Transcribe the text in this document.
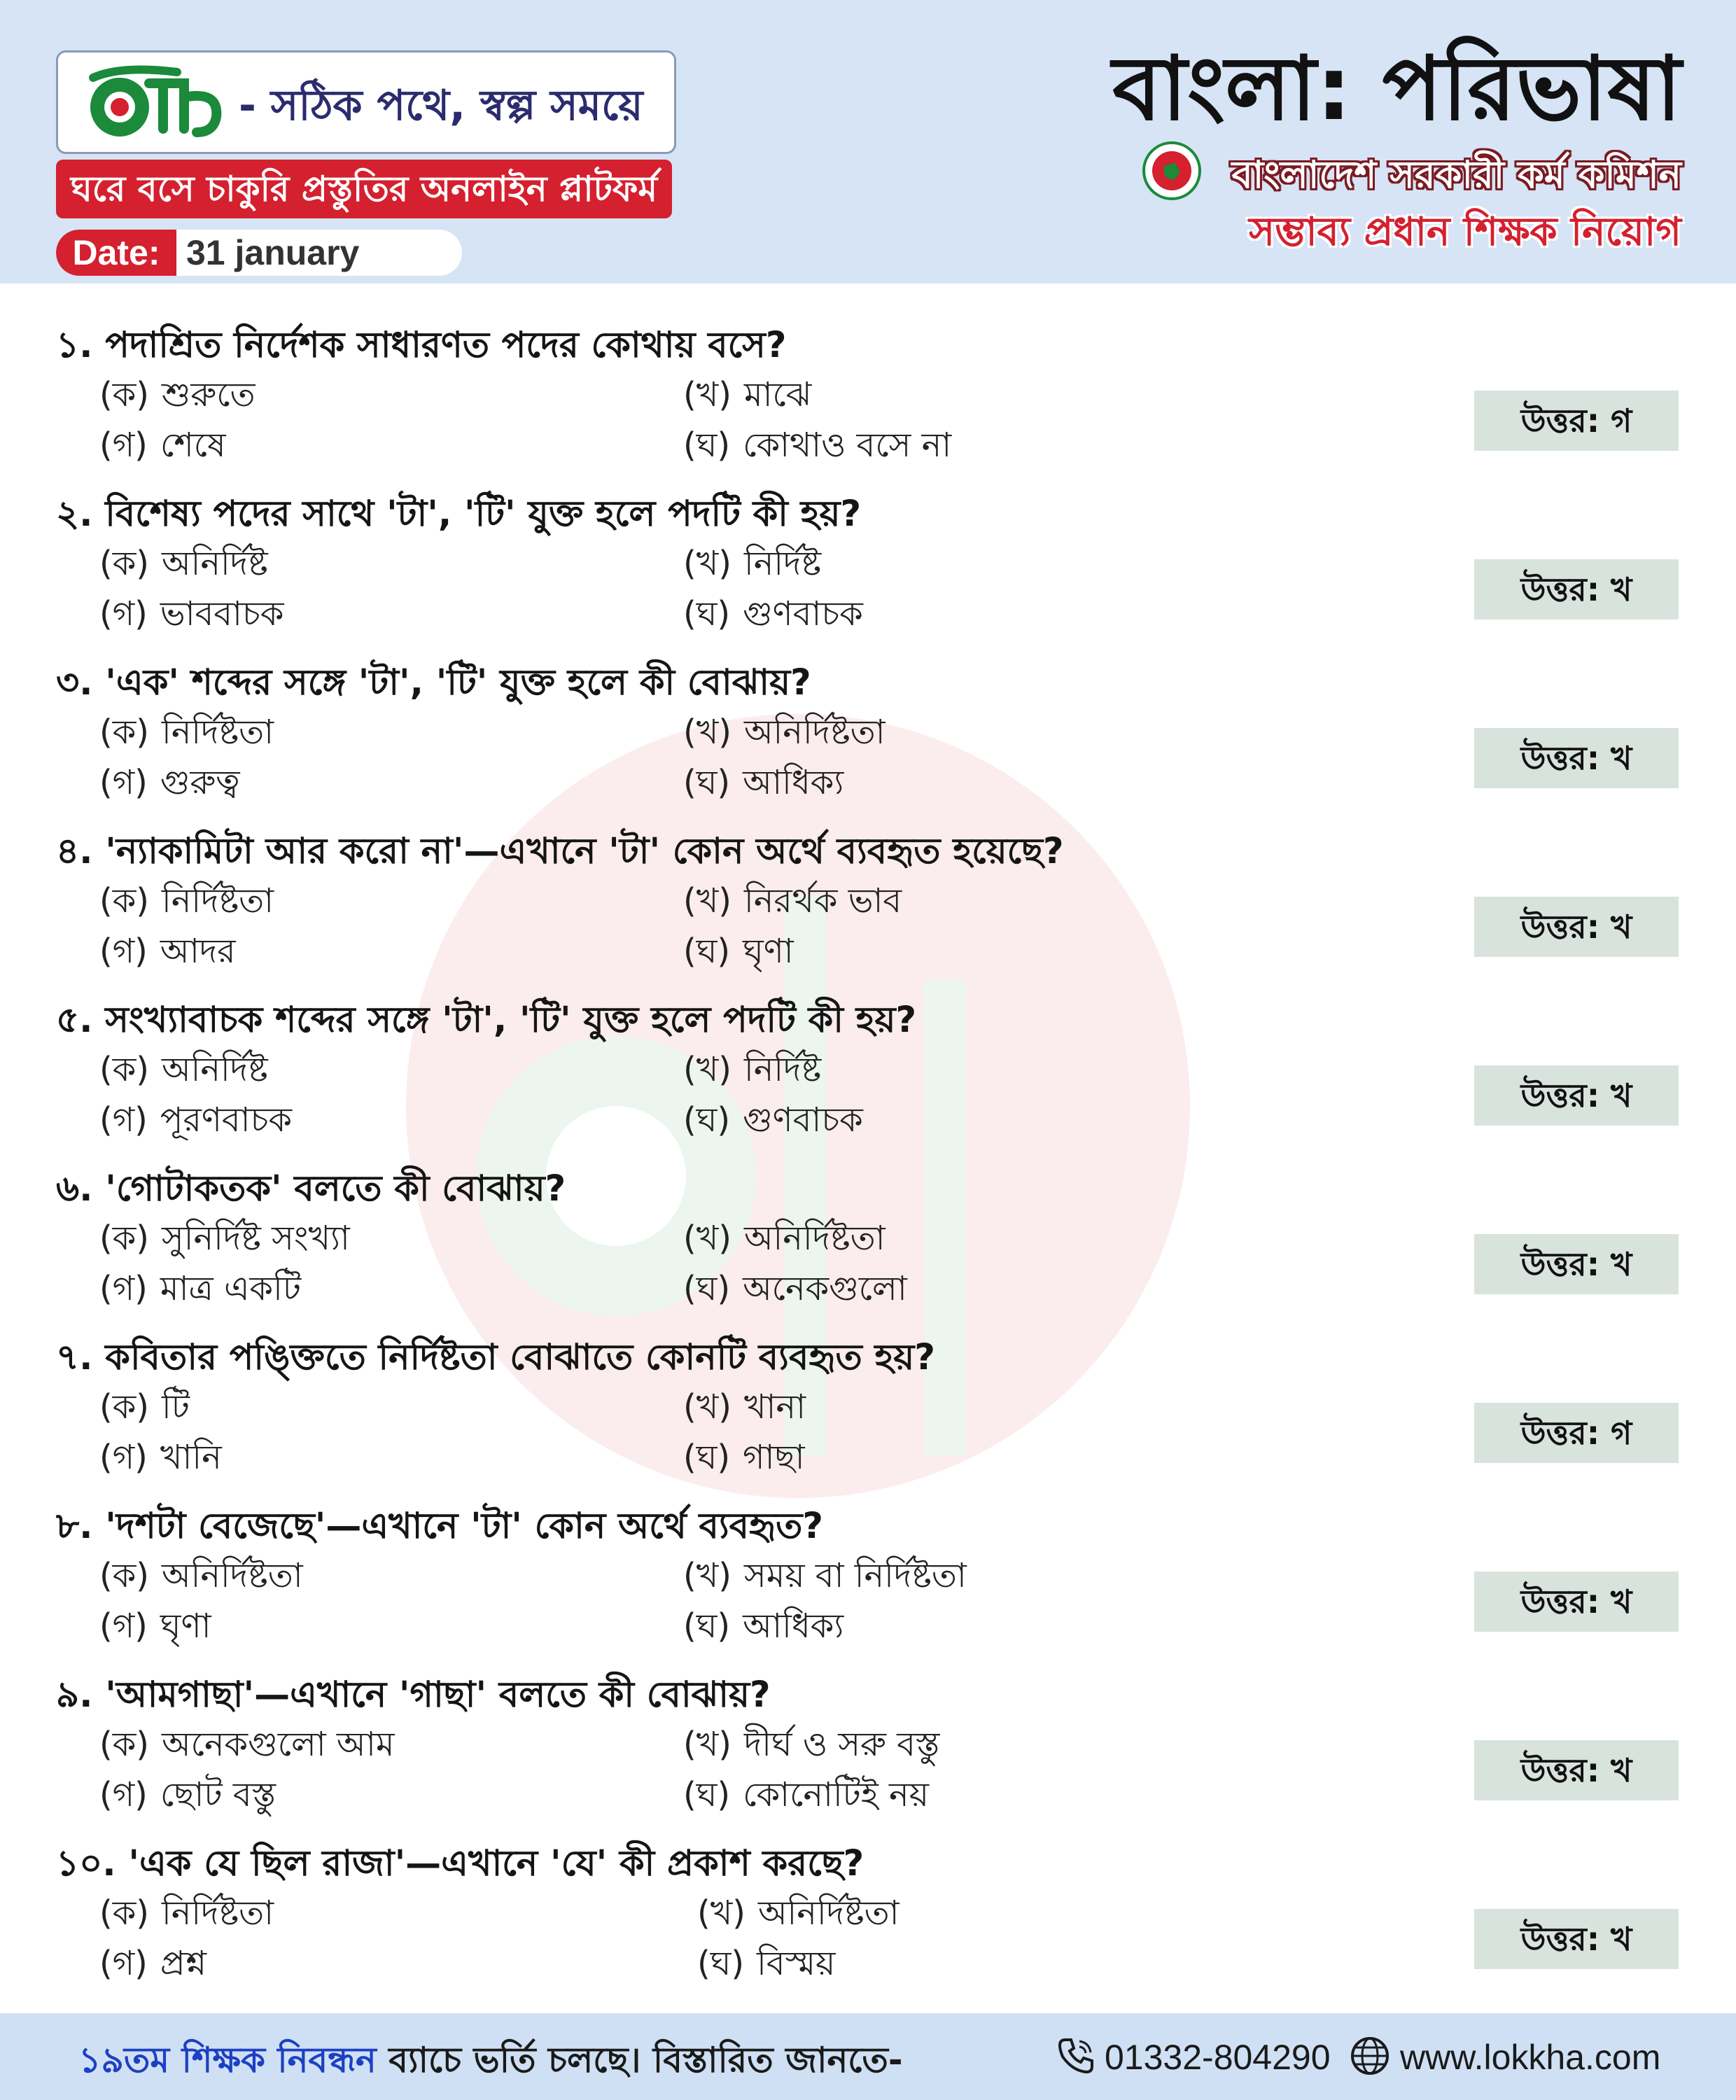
- সঠিক পথে, স্বল্প সময়ে
ঘরে বসে চাকুরি প্রস্তুতির অনলাইন প্লাটফর্ম
Date: 31 january
বাংলা: পরিভাষা
বাংলাদেশ সরকারী কর্ম কমিশন
সম্ভাব্য প্রধান শিক্ষক নিয়োগ
১. পদাশ্রিত নির্দেশক সাধারণত পদের কোথায় বসে?
(ক) শুরুতে	(খ) মাঝে
(গ) শেষে	(ঘ) কোথাও বসে না
উত্তর: গ
২. বিশেষ্য পদের সাথে 'টা', 'টি' যুক্ত হলে পদটি কী হয়?
(ক) অনির্দিষ্ট	(খ) নির্দিষ্ট
(গ) ভাববাচক	(ঘ) গুণবাচক
উত্তর: খ
৩. 'এক' শব্দের সঙ্গে 'টা', 'টি' যুক্ত হলে কী বোঝায়?
(ক) নির্দিষ্টতা	(খ) অনির্দিষ্টতা
(গ) গুরুত্ব	(ঘ) আধিক্য
উত্তর: খ
৪. 'ন্যাকামিটা আর করো না'—এখানে 'টা' কোন অর্থে ব্যবহৃত হয়েছে?
(ক) নির্দিষ্টতা	(খ) নিরর্থক ভাব
(গ) আদর	(ঘ) ঘৃণা
উত্তর: খ
৫. সংখ্যাবাচক শব্দের সঙ্গে 'টা', 'টি' যুক্ত হলে পদটি কী হয়?
(ক) অনির্দিষ্ট	(খ) নির্দিষ্ট
(গ) পূরণবাচক	(ঘ) গুণবাচক
উত্তর: খ
৬. 'গোটাকতক' বলতে কী বোঝায়?
(ক) সুনির্দিষ্ট সংখ্যা	(খ) অনির্দিষ্টতা
(গ) মাত্র একটি	(ঘ) অনেকগুলো
উত্তর: খ
৭. কবিতার পঙ্ক্তিতে নির্দিষ্টতা বোঝাতে কোনটি ব্যবহৃত হয়?
(ক) টি	(খ) খানা
(গ) খানি	(ঘ) গাছা
উত্তর: গ
৮. 'দশটা বেজেছে'—এখানে 'টা' কোন অর্থে ব্যবহৃত?
(ক) অনির্দিষ্টতা	(খ) সময় বা নির্দিষ্টতা
(গ) ঘৃণা	(ঘ) আধিক্য
উত্তর: খ
৯. 'আমগাছা'—এখানে 'গাছা' বলতে কী বোঝায়?
(ক) অনেকগুলো আম	(খ) দীর্ঘ ও সরু বস্তু
(গ) ছোট বস্তু	(ঘ) কোনোটিই নয়
উত্তর: খ
১০. 'এক যে ছিল রাজা'—এখানে 'যে' কী প্রকাশ করছে?
(ক) নির্দিষ্টতা	(খ) অনির্দিষ্টতা
(গ) প্রশ্ন	(ঘ) বিস্ময়
উত্তর: খ
১৯তম শিক্ষক নিবন্ধন ব্যাচে ভর্তি চলছে। বিস্তারিত জানতে-	01332-804290 www.lokkha.com
